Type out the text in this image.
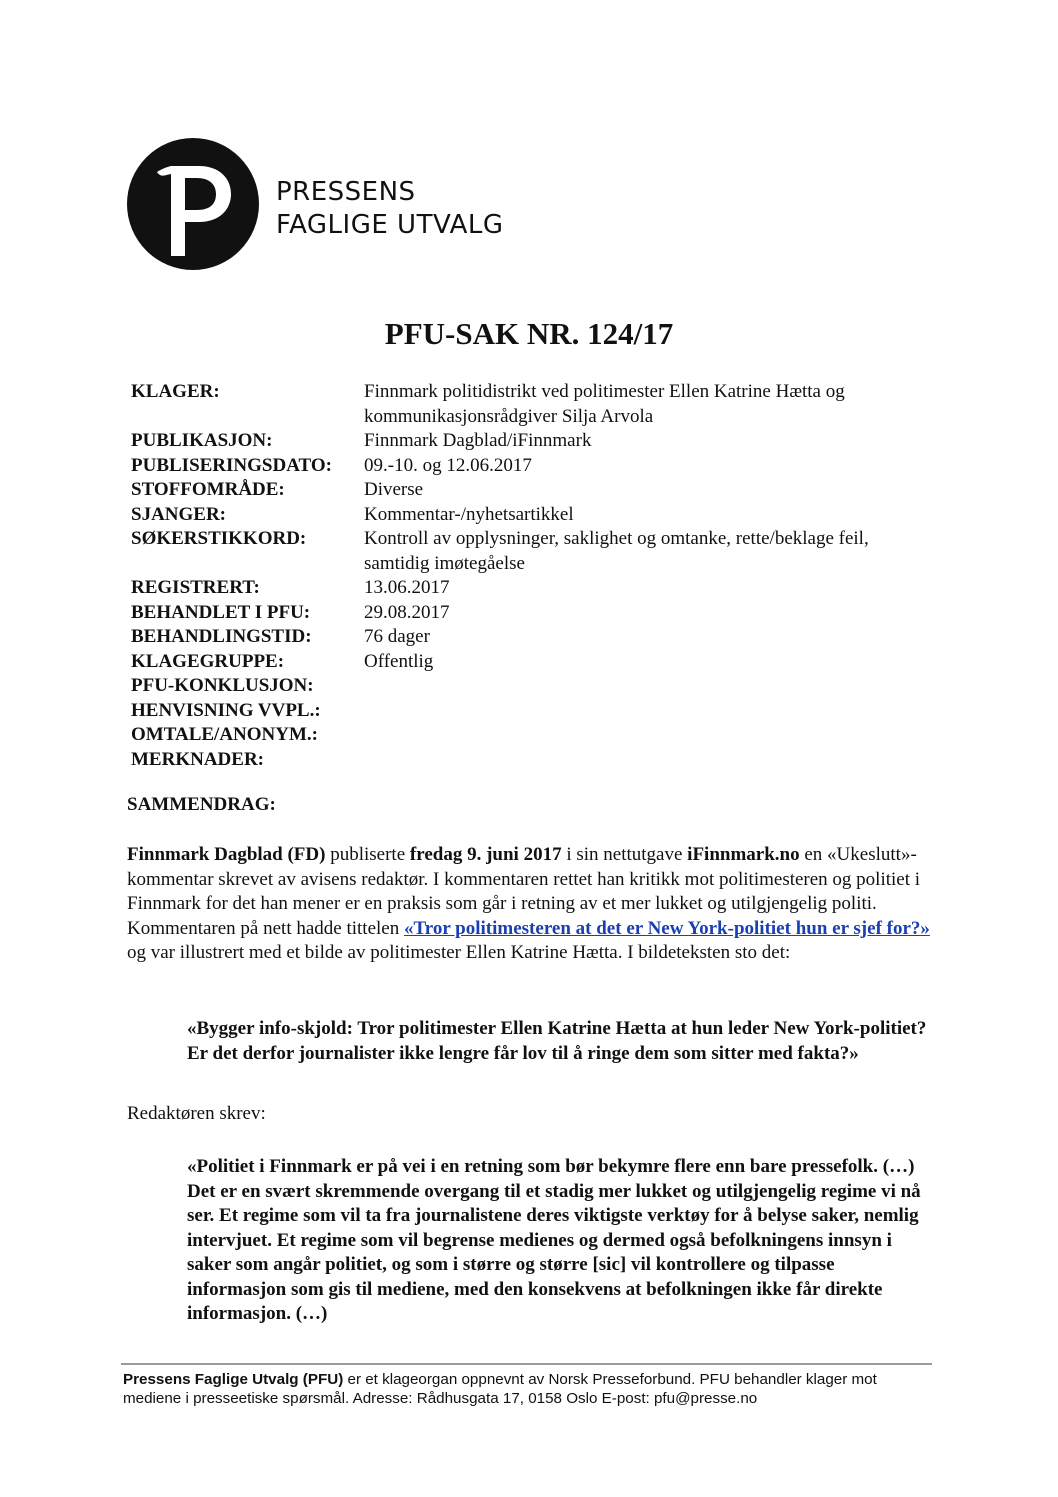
PRESSENS
FAGLIGE UTVALG
PFU-SAK NR. 124/17
KLAGER:	Finnmark politidistrikt ved politimester Ellen Katrine Hætta og kommunikasjonsrådgiver Silja Arvola
PUBLIKASJON:	Finnmark Dagblad/iFinnmark
PUBLISERINGSDATO:	09.-10. og 12.06.2017
STOFFOMRÅDE:	Diverse
SJANGER:	Kommentar-/nyhetsartikkel
SØKERSTIKKORD:	Kontroll av opplysninger, saklighet og omtanke, rette/beklage feil, samtidig imøtegåelse
REGISTRERT:	13.06.2017
BEHANDLET I PFU:	29.08.2017
BEHANDLINGSTID:	76 dager
KLAGEGRUPPE:	Offentlig
PFU-KONKLUSJON:
HENVISNING VVPL.:
OMTALE/ANONYM.:
MERKNADER:
SAMMENDRAG:
Finnmark Dagblad (FD) publiserte fredag 9. juni 2017 i sin nettutgave iFinnmark.no en «Ukeslutt»-kommentar skrevet av avisens redaktør. I kommentaren rettet han kritikk mot politimesteren og politiet i Finnmark for det han mener er en praksis som går i retning av et mer lukket og utilgjengelig politi. Kommentaren på nett hadde tittelen «Tror politimesteren at det er New York-politiet hun er sjef for?» og var illustrert med et bilde av politimester Ellen Katrine Hætta. I bildeteksten sto det:
«Bygger info-skjold: Tror politimester Ellen Katrine Hætta at hun leder New York-politiet? Er det derfor journalister ikke lengre får lov til å ringe dem som sitter med fakta?»
Redaktøren skrev:
«Politiet i Finnmark er på vei i en retning som bør bekymre flere enn bare pressefolk. (…)
Det er en svært skremmende overgang til et stadig mer lukket og utilgjengelig regime vi nå ser. Et regime som vil ta fra journalistene deres viktigste verktøy for å belyse saker, nemlig intervjuet. Et regime som vil begrense medienes og dermed også befolkningens innsyn i saker som angår politiet, og som i større og større [sic] vil kontrollere og tilpasse informasjon som gis til mediene, med den konsekvens at befolkningen ikke får direkte informasjon. (…)
Pressens Faglige Utvalg (PFU) er et klageorgan oppnevnt av Norsk Presseforbund. PFU behandler klager mot mediene i presseetiske spørsmål. Adresse: Rådhusgata 17, 0158 Oslo E-post: pfu@presse.no
